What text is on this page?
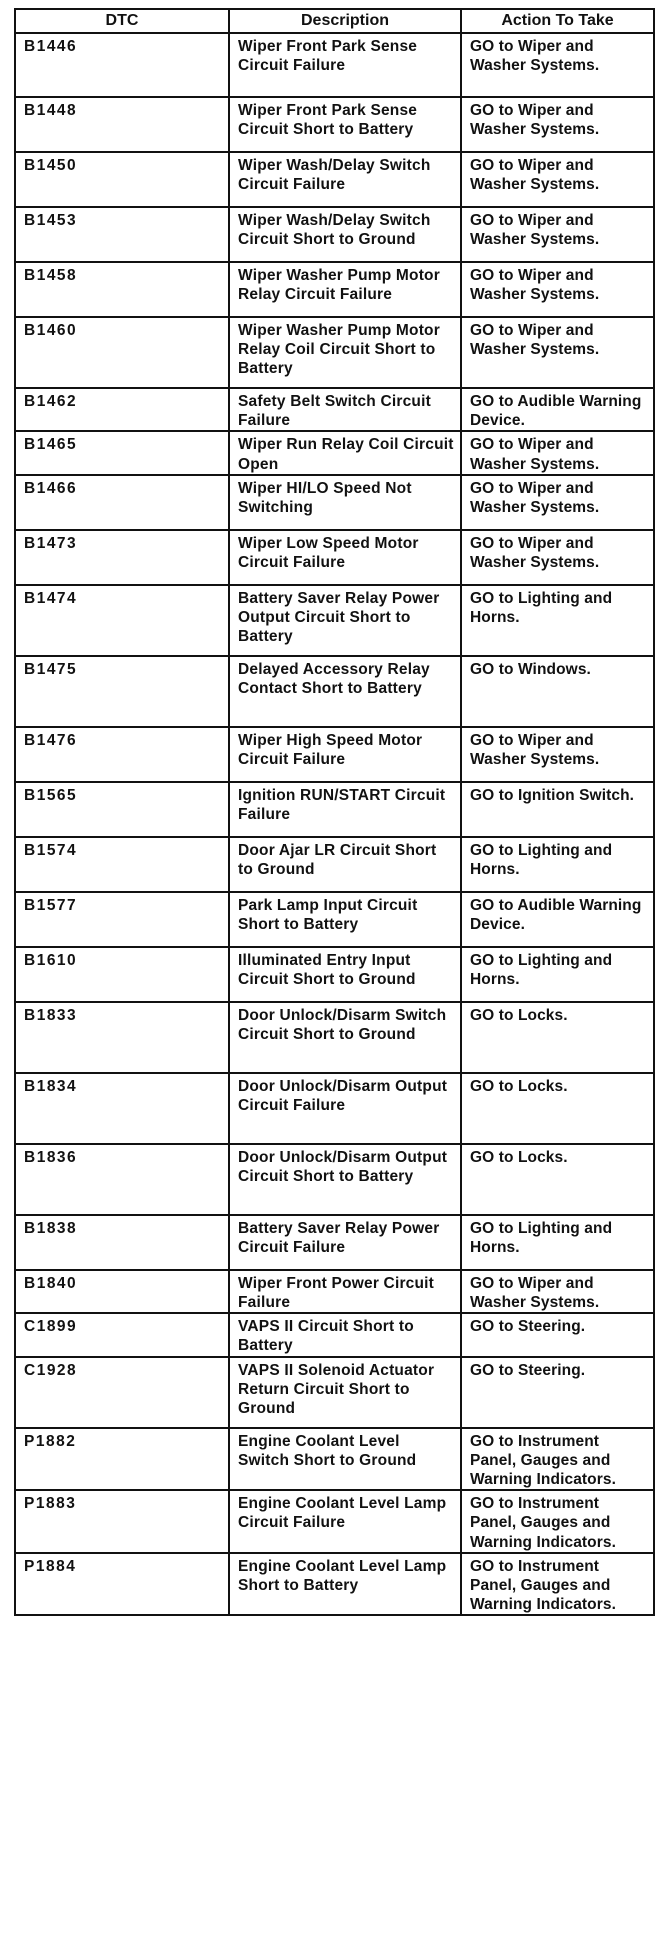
DTC	Description	Action To Take
B1446	Wiper Front Park Sense Circuit Failure	GO to Wiper and Washer Systems.
B1448	Wiper Front Park Sense Circuit Short to Battery	GO to Wiper and Washer Systems.
B1450	Wiper Wash/Delay Switch Circuit Failure	GO to Wiper and Washer Systems.
B1453	Wiper Wash/Delay Switch Circuit Short to Ground	GO to Wiper and Washer Systems.
B1458	Wiper Washer Pump Motor Relay Circuit Failure	GO to Wiper and Washer Systems.
B1460	Wiper Washer Pump Motor Relay Coil Circuit Short to Battery	GO to Wiper and Washer Systems.
B1462	Safety Belt Switch Circuit Failure	GO to Audible Warning Device.
B1465	Wiper Run Relay Coil Circuit Open	GO to Wiper and Washer Systems.
B1466	Wiper HI/LO Speed Not Switching	GO to Wiper and Washer Systems.
B1473	Wiper Low Speed Motor Circuit Failure	GO to Wiper and Washer Systems.
B1474	Battery Saver Relay Power Output Circuit Short to Battery	GO to Lighting and Horns.
B1475	Delayed Accessory Relay Contact Short to Battery	GO to Windows.
B1476	Wiper High Speed Motor Circuit Failure	GO to Wiper and Washer Systems.
B1565	Ignition RUN/START Circuit Failure	GO to Ignition Switch.
B1574	Door Ajar LR Circuit Short to Ground	GO to Lighting and Horns.
B1577	Park Lamp Input Circuit Short to Battery	GO to Audible Warning Device.
B1610	Illuminated Entry Input Circuit Short to Ground	GO to Lighting and Horns.
B1833	Door Unlock/Disarm Switch Circuit Short to Ground	GO to Locks.
B1834	Door Unlock/Disarm Output Circuit Failure	GO to Locks.
B1836	Door Unlock/Disarm Output Circuit Short to Battery	GO to Locks.
B1838	Battery Saver Relay Power Circuit Failure	GO to Lighting and Horns.
B1840	Wiper Front Power Circuit Failure	GO to Wiper and Washer Systems.
C1899	VAPS II Circuit Short to Battery	GO to Steering.
C1928	VAPS II Solenoid Actuator Return Circuit Short to Ground	GO to Steering.
P1882	Engine Coolant Level Switch Short to Ground	GO to Instrument Panel, Gauges and Warning Indicators.
P1883	Engine Coolant Level Lamp Circuit Failure	GO to Instrument Panel, Gauges and Warning Indicators.
P1884	Engine Coolant Level Lamp Short to Battery	GO to Instrument Panel, Gauges and Warning Indicators.
